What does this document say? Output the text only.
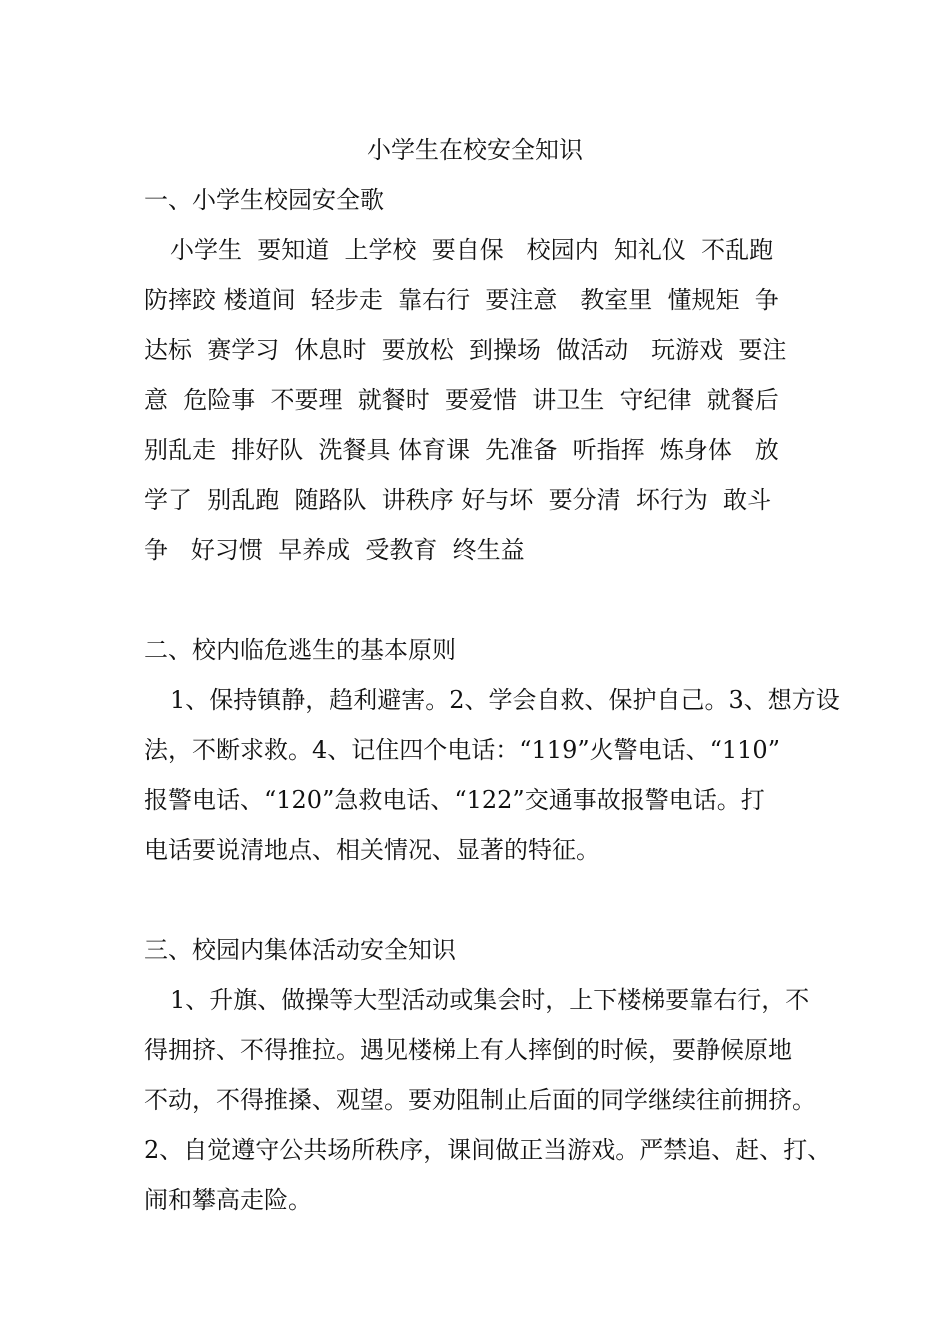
小学生在校安全知识
一、小学生校园安全歌
小学生  要知道  上学校  要自保   校园内  知礼仪  不乱跑
防摔跤 楼道间  轻步走  靠右行  要注意   教室里  懂规矩  争
达标  赛学习  休息时  要放松  到操场  做活动   玩游戏  要注
意  危险事  不要理  就餐时  要爱惜  讲卫生  守纪律  就餐后
别乱走  排好队  洗餐具 体育课  先准备  听指挥  炼身体   放
学了  别乱跑  随路队  讲秩序 好与坏  要分清  坏行为  敢斗
争   好习惯  早养成  受教育  终生益
二、校内临危逃生的基本原则
1、保持镇静，趋利避害。2、学会自救、保护自己。3、想方设
法，不断求救。4、记住四个电话：“119”火警电话、“110”
报警电话、“120”急救电话、“122”交通事故报警电话。打
电话要说清地点、相关情况、显著的特征。
三、校园内集体活动安全知识
1、升旗、做操等大型活动或集会时，上下楼梯要靠右行，不
得拥挤、不得推拉。遇见楼梯上有人摔倒的时候，要静候原地
不动，不得推搡、观望。要劝阻制止后面的同学继续往前拥挤。
2、自觉遵守公共场所秩序，课间做正当游戏。严禁追、赶、打、
闹和攀高走险。
